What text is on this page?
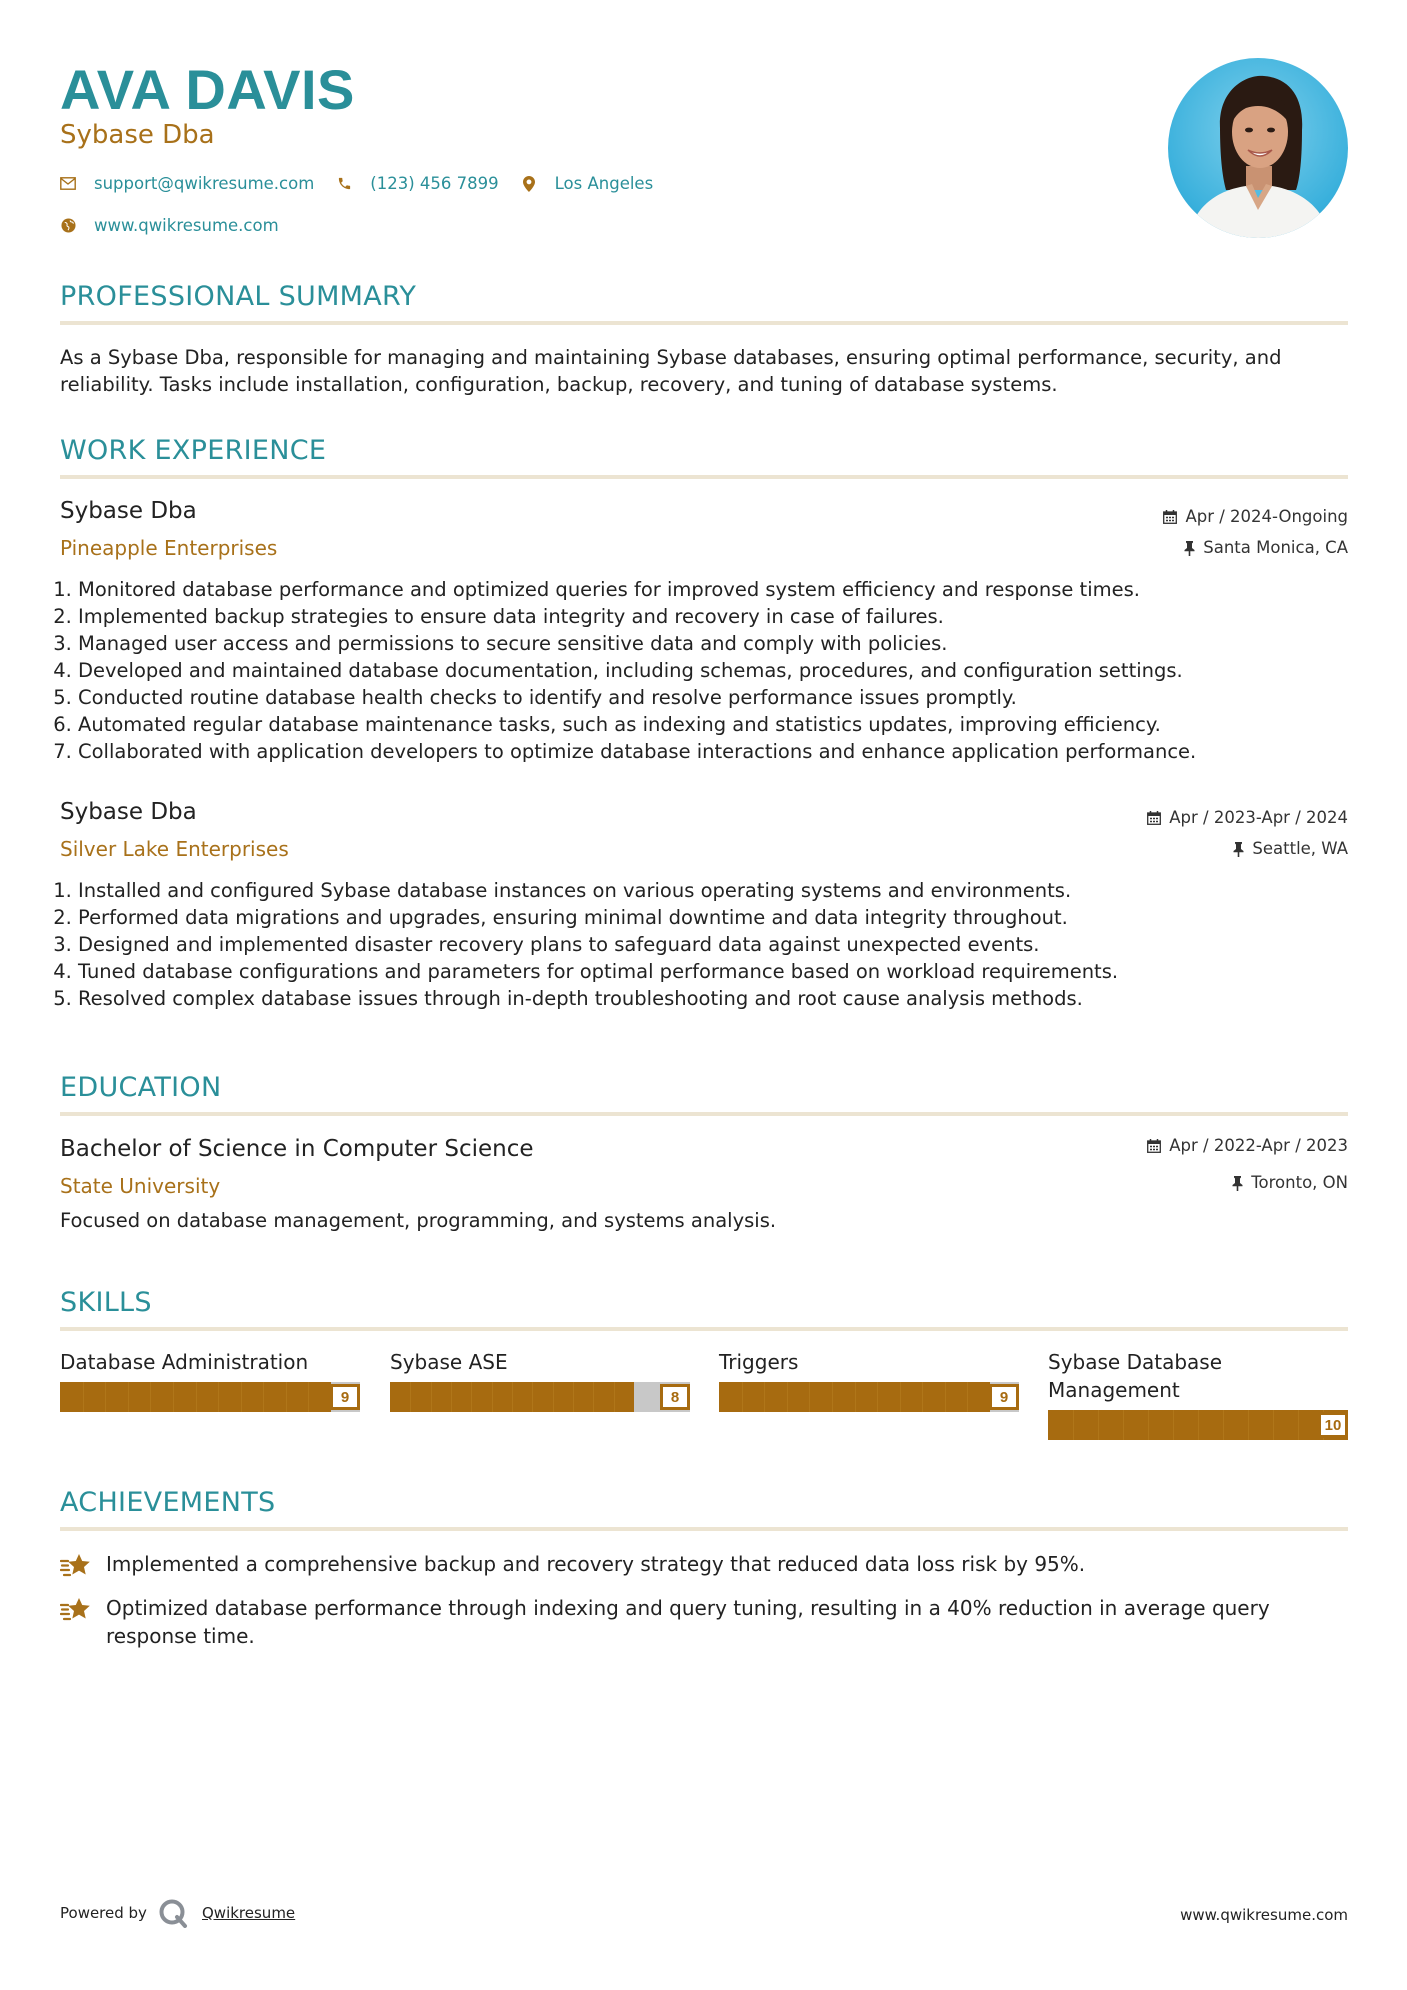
AVA DAVIS
Sybase Dba
support@qwikresume.com	(123) 456 7899	Los Angeles
www.qwikresume.com
PROFESSIONAL SUMMARY
As a Sybase Dba, responsible for managing and maintaining Sybase databases, ensuring optimal performance, security, and reliability. Tasks include installation, configuration, backup, recovery, and tuning of database systems.
WORK EXPERIENCE
Sybase Dba
Pineapple Enterprises
Apr / 2024-Ongoing
Santa Monica, CA
1. Monitored database performance and optimized queries for improved system efficiency and response times.
2. Implemented backup strategies to ensure data integrity and recovery in case of failures.
3. Managed user access and permissions to secure sensitive data and comply with policies.
4. Developed and maintained database documentation, including schemas, procedures, and configuration settings.
5. Conducted routine database health checks to identify and resolve performance issues promptly.
6. Automated regular database maintenance tasks, such as indexing and statistics updates, improving efficiency.
7. Collaborated with application developers to optimize database interactions and enhance application performance.
Sybase Dba
Silver Lake Enterprises
Apr / 2023-Apr / 2024
Seattle, WA
1. Installed and configured Sybase database instances on various operating systems and environments.
2. Performed data migrations and upgrades, ensuring minimal downtime and data integrity throughout.
3. Designed and implemented disaster recovery plans to safeguard data against unexpected events.
4. Tuned database configurations and parameters for optimal performance based on workload requirements.
5. Resolved complex database issues through in-depth troubleshooting and root cause analysis methods.
EDUCATION
Bachelor of Science in Computer Science
State University
Apr / 2022-Apr / 2023
Toronto, ON
Focused on database management, programming, and systems analysis.
SKILLS
Database Administration
9
Sybase ASE
8
Triggers
9
Sybase Database Management
10
ACHIEVEMENTS
Implemented a comprehensive backup and recovery strategy that reduced data loss risk by 95%.
Optimized database performance through indexing and query tuning, resulting in a 40% reduction in average query response time.
Powered by	Qwikresume	www.qwikresume.com
